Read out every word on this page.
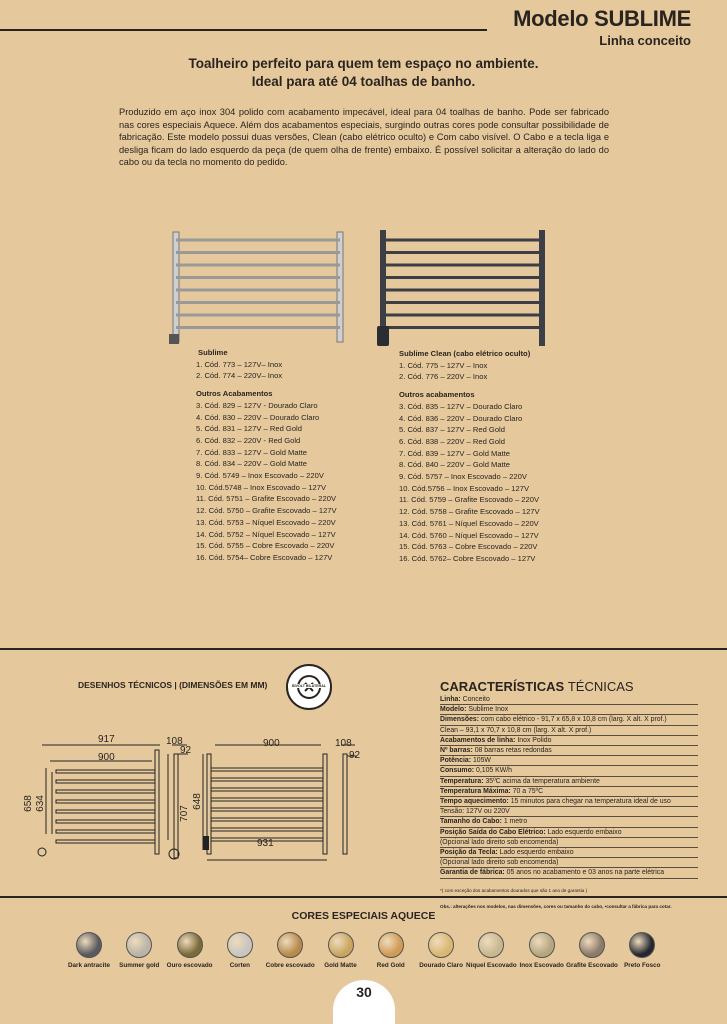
Modelo SUBLIME
Linha conceito
Toalheiro perfeito para quem tem espaço no ambiente.
Ideal para até 04 toalhas de banho.
Produzido em aço inox 304 polido com acabamento impecável, ideal para 04 toalhas de banho. Pode ser fabricado nas cores especiais Aquece. Além dos acabamentos especiais, surgindo outras cores pode consultar possibilidade de fabricação. Este modelo possui duas versões, Clean (cabo elétrico oculto) e Com cabo visível. O Cabo e a tecla liga e desliga ficam do lado esquerdo da peça (de quem olha de frente) embaixo. É possível solicitar a alteração do lado do cabo ou da tecla no momento do pedido.
Sublime
1. Cód. 773 – 127V– Inox
2. Cód. 774 – 220V– Inox
Outros Acabamentos
3. Cód. 829 – 127V - Dourado Claro
4. Cód. 830 – 220V – Dourado Claro
5. Cód. 831 – 127V – Red Gold
6. Cód. 832 – 220V - Red Gold
7. Cód. 833 – 127V – Gold Matte
8. Cód. 834 – 220V – Gold Matte
9. Cód. 5749 – Inox Escovado – 220V
10. Cód.5748 – Inox Escovado – 127V
11. Cód. 5751 – Grafite Escovado – 220V
12. Cód. 5750 – Grafite Escovado – 127V
13. Cód. 5753 – Níquel Escovado – 220V
14. Cód. 5752 – Níquel Escovado – 127V
15. Cód. 5755 – Cobre Escovado – 220V
16. Cód. 5754– Cobre Escovado – 127V
Sublime Clean (cabo elétrico oculto)
1. Cód. 775 – 127V – Inox
2. Cód. 776 – 220V – Inox
Outros acabamentos
3. Cód. 835 – 127V – Dourado Claro
4. Cód. 836 – 220V – Dourado Claro
5. Cód. 837 – 127V – Red Gold
6. Cód. 838 – 220V – Red Gold
7. Cód. 839 – 127V – Gold Matte
8. Cód. 840 – 220V – Gold Matte
9. Cód. 5757 – Inox Escovado – 220V
10. Cód.5756 – Inox Escovado – 127V
11. Cód. 5759 – Grafite Escovado – 220V
12. Cód. 5758 – Grafite Escovado – 127V
13. Cód. 5761 – Níquel Escovado – 220V
14. Cód. 5760 – Níquel Escovado – 127V
15. Cód. 5763 – Cobre Escovado – 220V
16. Cód. 5762– Cobre Escovado – 127V
DESENHOS TÉCNICOS | (DIMENSÕES EM MM)	BIVOLT BILATERAL
917
900
108
92
658 634
707
900
931
108
92
648
CARACTERÍSTICAS TÉCNICAS
Linha: Conceito
Modelo: Sublime Inox
Dimensões: com cabo elétrico - 91,7 x 65,8 x 10,8 cm (larg. X alt. X prof.)
Clean – 93,1 x 70,7 x 10,8 cm (larg. X alt. X prof.)
Acabamentos de linha: Inox Polido
Nº barras: 08 barras retas redondas
Potência: 105W
Consumo: 0,105 KW/h
Temperatura: 35ºC acima da temperatura ambiente
Temperatura Máxima: 70 a 75ºC
Tempo aquecimento: 15 minutos para chegar na temperatura ideal de uso
Tensão: 127V ou 220V
Tamanho do Cabo: 1 metro
Posição Saída do Cabo Elétrico: Lado esquerdo embaixo
(Opcional lado direito sob encomenda)
Posição da Tecla: Lado esquerdo embaixo
(Opcional lado direito sob encomenda)
Garantia de fábrica: 05 anos no acabamento e 03 anos na parte elétrica
*( com exceção dos acabamentos dourados que são 1 ano de garantia )
Obs.: alterações nos modelos, nas dimensões, cores ou tamanho do cabo, •consultar a fábrica para cotar.
CORES ESPECIAIS AQUECE
Dark antracite	Summer gold	Ouro escovado	Corten	Cobre escovado	Gold Matte	Red Gold	Dourado Claro Níquel Escovado Inox Escovado Grafite Escovado Preto Fosco
30
